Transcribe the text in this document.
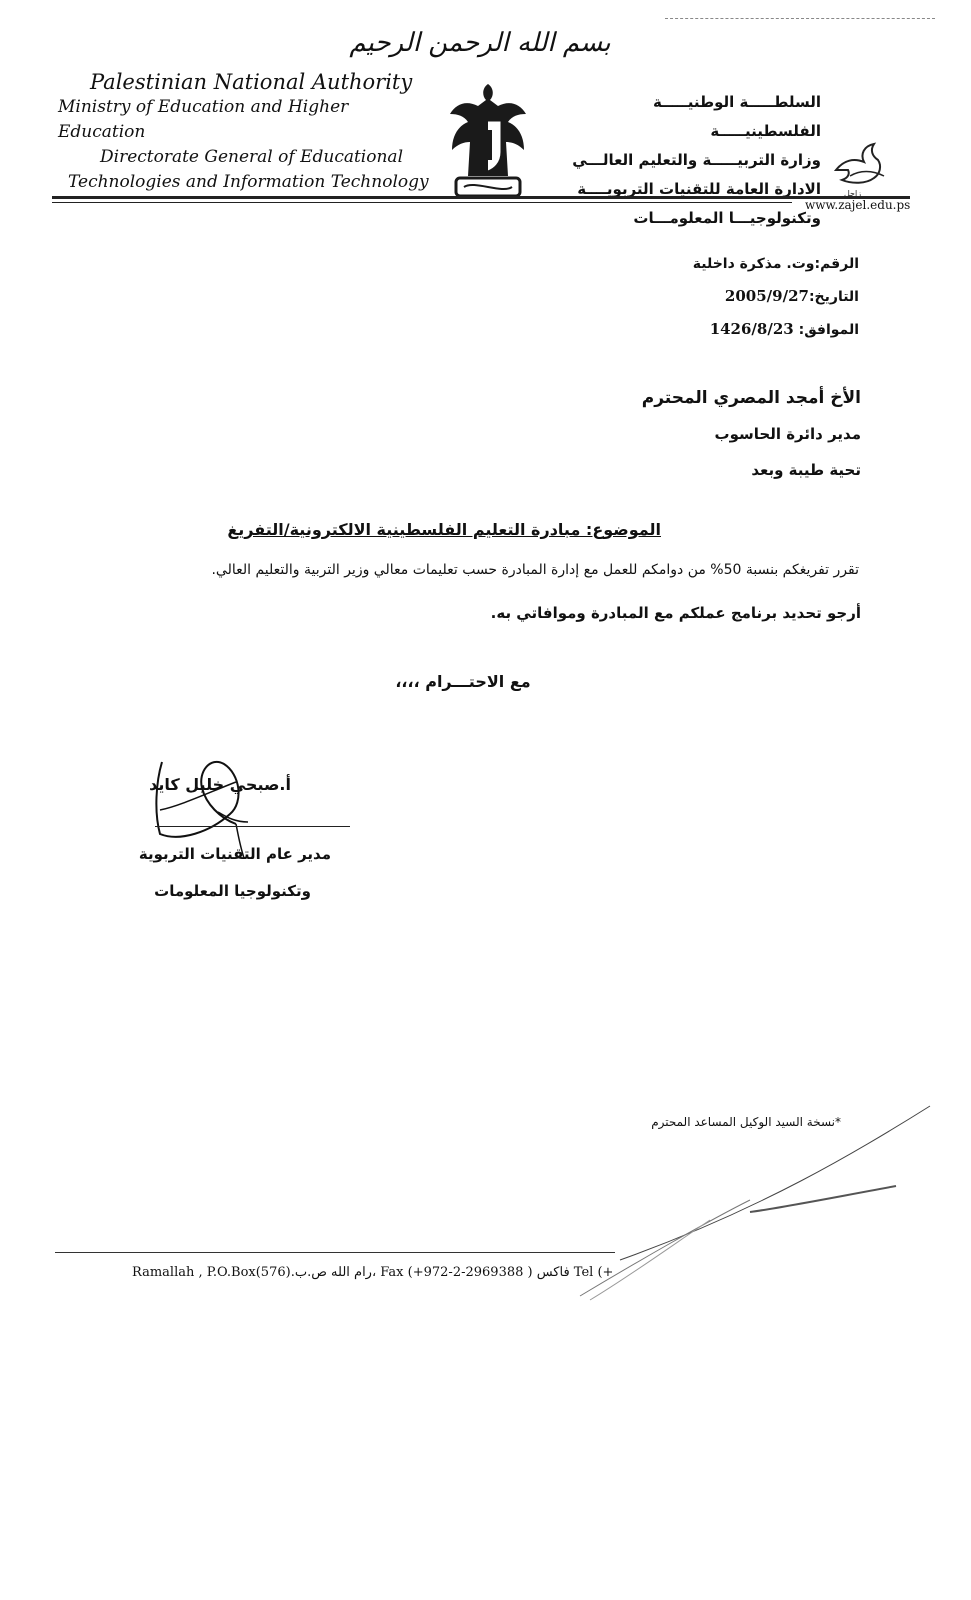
بسم الله الرحمن الرحيم
Palestinian National Authority
Ministry of Education and Higher Education
Directorate General of Educational
Technologies and Information Technology
السلطـــــة الوطنيـــــة الفلسطينيـــــة
وزارة التربيـــــة والتعليم العالـــي
الادارة العامة للتقنيات التربويــــة
وتكنولوجيـــا المعلومـــات
زاجل
www.zajel.edu.ps
الرقم:وت. مذكرة داخلية
التاريخ:2005/9/27
الموافق: 1426/8/23
الأخ أمجد المصري المحترم
مدير دائرة الحاسوب
تحية طيبة وبعد
الموضوع: مبادرة التعليم الفلسطينية الالكترونية/التفريغ
تقرر تفريغكم بنسبة 50% من دوامكم للعمل مع إدارة المبادرة حسب تعليمات معالي وزير التربية والتعليم العالي.
أرجو تحديد برنامج عملكم مع المبادرة وموافاتي به.
مع الاحتـــرام ،،،،
أ.صبحي خليل كايد
مدير عام التقنيات التربوية
وتكنولوجيا المعلومات
*نسخة السيد الوكيل المساعد المحترم
Ramallah , P.O.Box(576).رام الله ص.ب، Fax (+972-2-2969388 ) فاكس Tel (+
